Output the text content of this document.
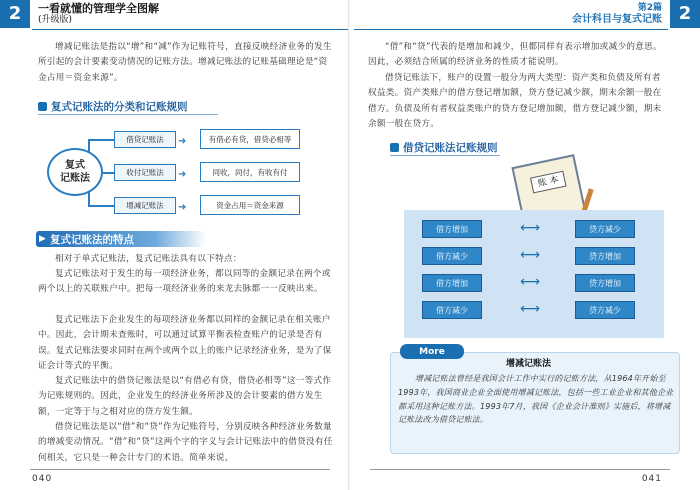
2	一看就懂的管理学全图解
(升级版)
增减记账法是指以“增”和“减”作为记账符号，直接反映经济业务的发生所引起的会计要素变动情况的记账方法。增减记账法的记账基础理论是“资金占用＝资金来源”。
复式记账法的分类和记账规则
复式
记账法
借贷记账法
收付记账法
增减记账法
➜
➜
➜
有借必有贷，借贷必相等
同收，同付，有收有付
资金占用＝资金来源
▶ 复式记账法的特点
相对于单式记账法，复式记账法具有以下特点：
复式记账法对于发生的每一项经济业务，都以同等的金额记录在两个或两个以上的关联账户中。把每一项经济业务的来龙去脉都一一反映出来。
复式记账法下企业发生的每项经济业务都以同样的金额记录在相关账户中。因此，会计期末查账时，可以通过试算平衡表检查账户的记录是否有误。复式记账法要求同时在两个或两个以上的账户记录经济业务，是为了保证会计等式的平衡。
复式记账法中的借贷记账法是以“有借必有贷，借贷必相等”这一等式作为记账规则的。因此，企业发生的经济业务所涉及的会计要素的借方发生额，一定等于与之相对应的贷方发生额。
借贷记账法是以“借”和“贷”作为记账符号，分别反映各种经济业务数量的增减变动情况。“借”和“贷”这两个字的字义与会计记账法中的借贷没有任何相关，它只是一种会计专门的术语。简单来说，
040
2
第2篇
会计科目与复式记账
“借”和“贷”代表的是增加和减少，但都同样有表示增加或减少的意思。因此，必须结合所属的经济业务的性质才能说明。
借贷记账法下，账户的设置一般分为两大类型：资产类和负债及所有者权益类。资产类账户的借方登记增加额，贷方登记减少额，期末余额一般在借方。负债及所有者权益类账户的贷方登记增加额，借方登记减少额，期末余额一般在贷方。
借贷记账法记账规则
账 本
借方增加
借方减少
借方增加
借方减少
贷方减少
贷方增加
贷方增加
贷方减少
⟷
⟷
⟷
⟷
More
增减记账法
增减记账法曾经是我国会计工作中实行的记账方法，从1964年开始至1993年，我国商业企业全面使用增减记账法，包括一些工业企业和其他企业都采用这种记账方法。1993年7月，我国《企业会计准则》实施后，将增减记账法改为借贷记账法。
041
